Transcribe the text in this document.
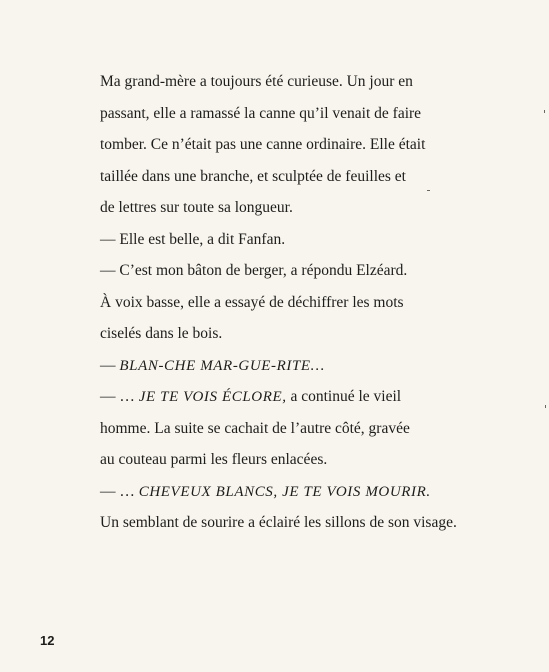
Ma grand-mère a toujours été curieuse. Un jour en
passant, elle a ramassé la canne qu’il venait de faire
tomber. Ce n’était pas une canne ordinaire. Elle était
taillée dans une branche, et sculptée de feuilles et
de lettres sur toute sa longueur.
— Elle est belle, a dit Fanfan.
— C’est mon bâton de berger, a répondu Elzéard.
À voix basse, elle a essayé de déchiffrer les mots
ciselés dans le bois.
— BLAN-CHE MAR-GUE-RITE…
— … JE TE VOIS ÉCLORE, a continué le vieil
homme. La suite se cachait de l’autre côté, gravée
au couteau parmi les fleurs enlacées.
— … CHEVEUX BLANCS, JE TE VOIS MOURIR.
Un semblant de sourire a éclairé les sillons de son visage.
12
